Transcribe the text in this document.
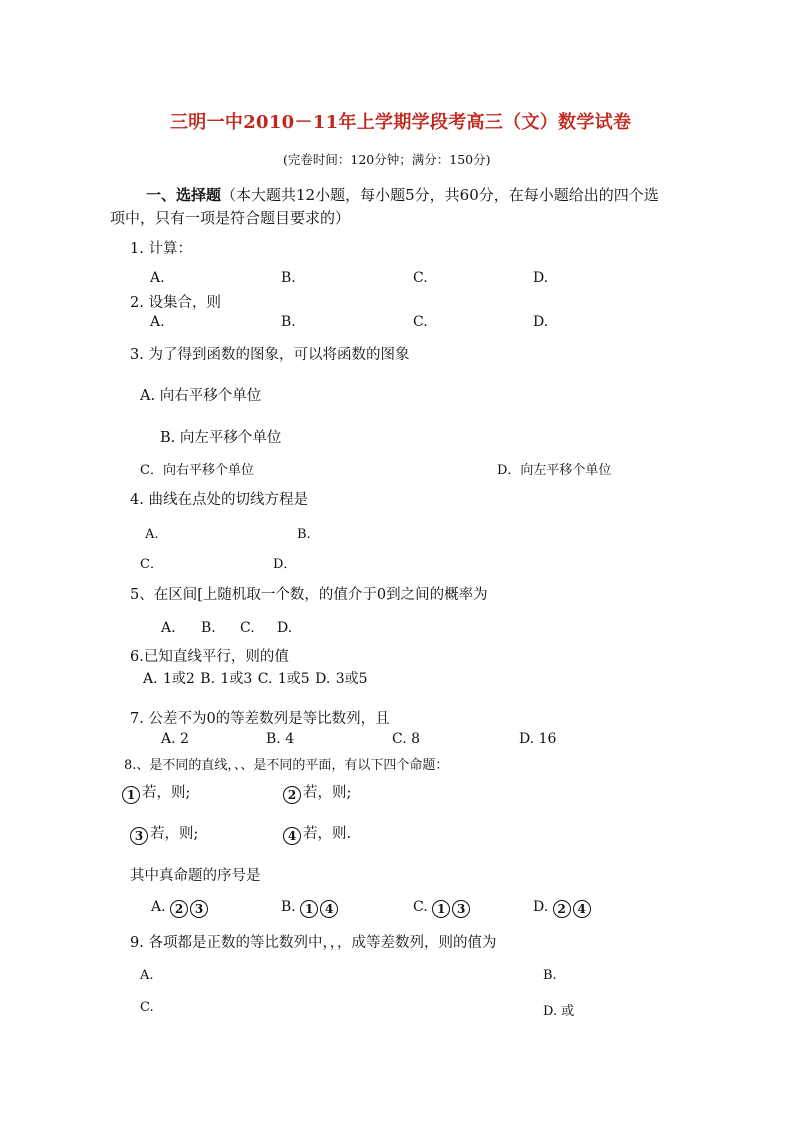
三明一中2010－11年上学期学段考高三（文）数学试卷
(完卷时间：120分钟；满分：150分)
一、选择题（本大题共12小题，每小题5分，共60分，在每小题给出的四个选
项中，只有一项是符合题目要求的）
1. 计算：
A.	B.	C.	D.
2. 设集合，则
A.	B.	C.	D.
3. 为了得到函数的图象，可以将函数的图象
A. 向右平移个单位
B. 向左平移个单位
C．向右平移个单位	D．向左平移个单位
4. 曲线在点处的切线方程是
A.	B.
C．	D．
5、在区间[上随机取一个数，的值介于0到之间的概率为
A. B. C. D.
6.已知直线平行，则的值
A. 1或2 B. 1或3 C. 1或5 D. 3或5
7. 公差不为0的等差数列是等比数列，且
A. 2	B. 4	C. 8	D. 16
8.、是不同的直线，、、是不同的平面，有以下四个命题：
1 若，则;	2 若，则;
3 若，则;	4 若，则.
其中真命题的序号是
A. 2 3	B. 1 4	C. 1 3	D. 2 4
9. 各项都是正数的等比数列中，，，成等差数列，则的值为
A.	B.
C.	D. 或
